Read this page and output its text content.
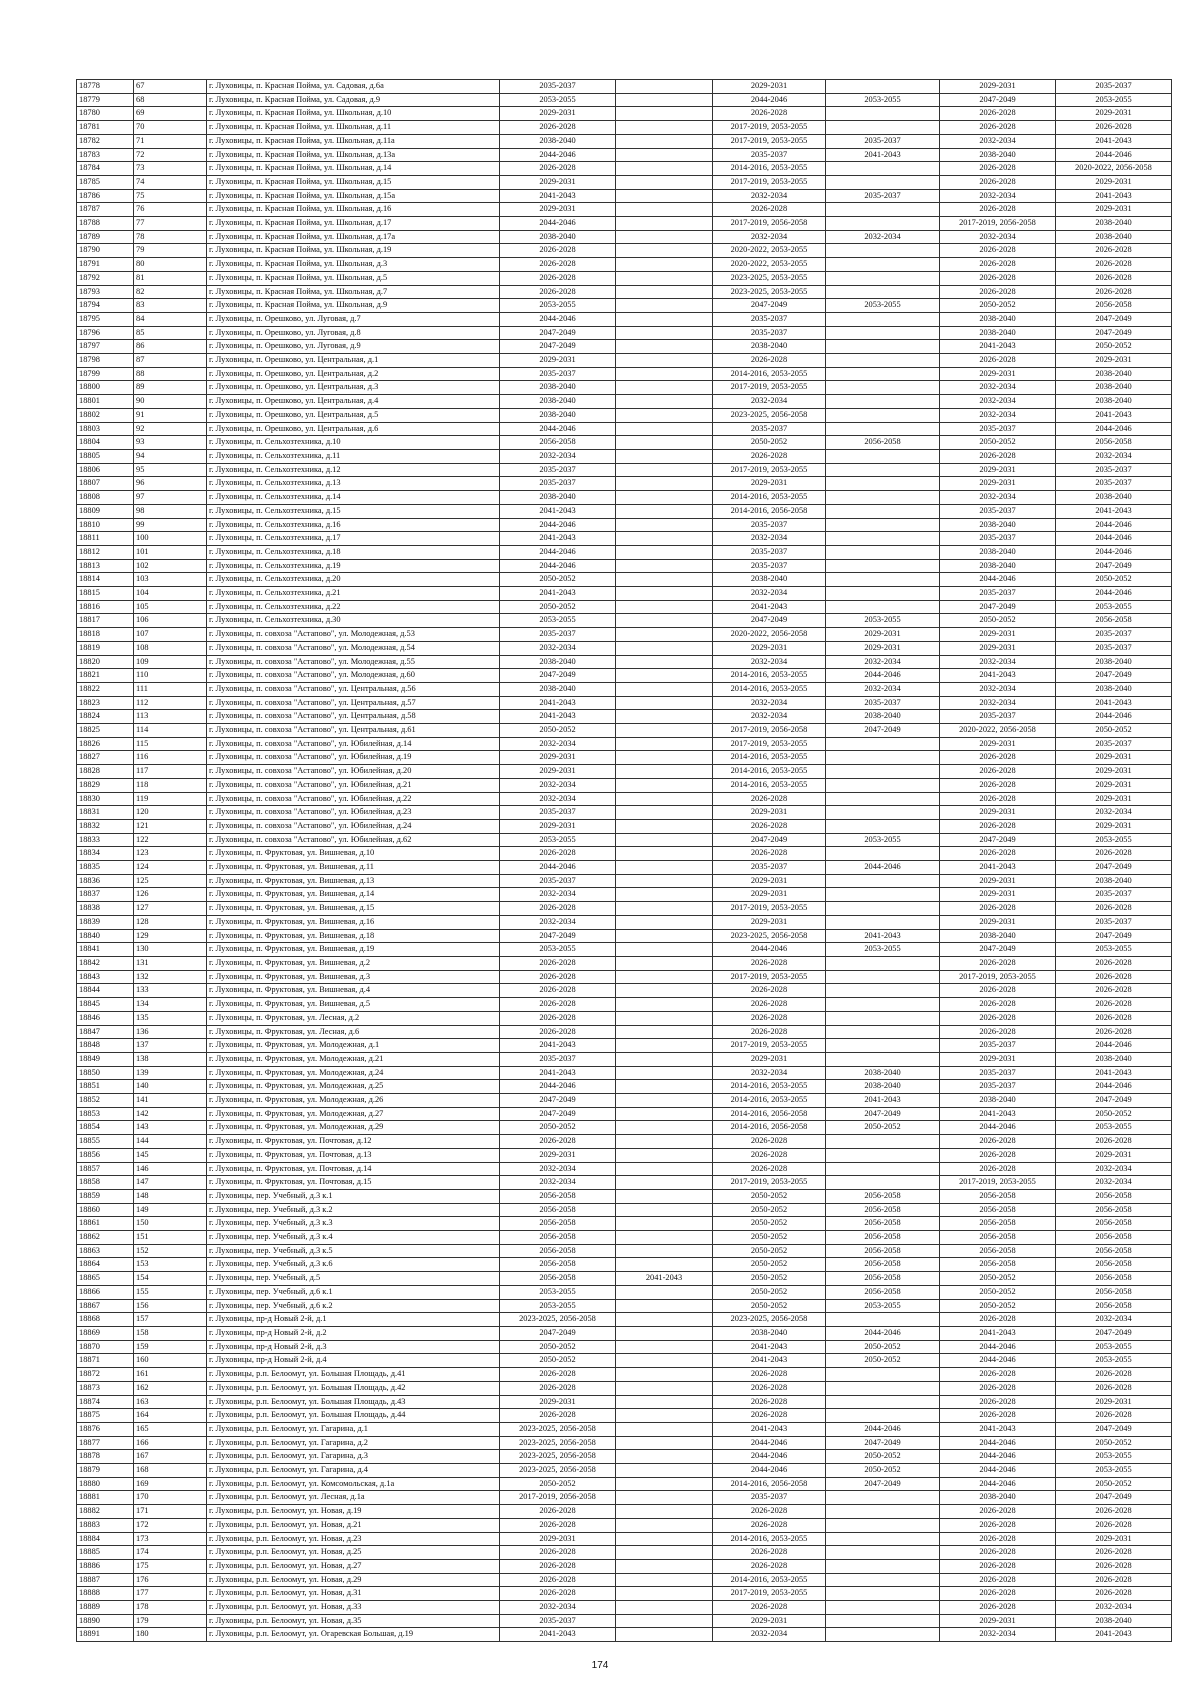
18778	67	г. Луховицы, п. Красная Пойма, ул. Садовая, д.6а	2035-2037		2029-2031		2029-2031	2035-2037
18779	68	г. Луховицы, п. Красная Пойма, ул. Садовая, д.9	2053-2055		2044-2046	2053-2055	2047-2049	2053-2055
18780	69	г. Луховицы, п. Красная Пойма, ул. Школьная, д.10	2029-2031		2026-2028		2026-2028	2029-2031
18781	70	г. Луховицы, п. Красная Пойма, ул. Школьная, д.11	2026-2028		2017-2019, 2053-2055		2026-2028	2026-2028
18782	71	г. Луховицы, п. Красная Пойма, ул. Школьная, д.11а	2038-2040		2017-2019, 2053-2055	2035-2037	2032-2034	2041-2043
18783	72	г. Луховицы, п. Красная Пойма, ул. Школьная, д.13а	2044-2046		2035-2037	2041-2043	2038-2040	2044-2046
18784	73	г. Луховицы, п. Красная Пойма, ул. Школьная, д.14	2026-2028		2014-2016, 2053-2055		2026-2028	2020-2022, 2056-2058
18785	74	г. Луховицы, п. Красная Пойма, ул. Школьная, д.15	2029-2031		2017-2019, 2053-2055		2026-2028	2029-2031
18786	75	г. Луховицы, п. Красная Пойма, ул. Школьная, д.15а	2041-2043		2032-2034	2035-2037	2032-2034	2041-2043
18787	76	г. Луховицы, п. Красная Пойма, ул. Школьная, д.16	2029-2031		2026-2028		2026-2028	2029-2031
18788	77	г. Луховицы, п. Красная Пойма, ул. Школьная, д.17	2044-2046		2017-2019, 2056-2058		2017-2019, 2056-2058	2038-2040
18789	78	г. Луховицы, п. Красная Пойма, ул. Школьная, д.17а	2038-2040		2032-2034	2032-2034	2032-2034	2038-2040
18790	79	г. Луховицы, п. Красная Пойма, ул. Школьная, д.19	2026-2028		2020-2022, 2053-2055		2026-2028	2026-2028
18791	80	г. Луховицы, п. Красная Пойма, ул. Школьная, д.3	2026-2028		2020-2022, 2053-2055		2026-2028	2026-2028
18792	81	г. Луховицы, п. Красная Пойма, ул. Школьная, д.5	2026-2028		2023-2025, 2053-2055		2026-2028	2026-2028
18793	82	г. Луховицы, п. Красная Пойма, ул. Школьная, д.7	2026-2028		2023-2025, 2053-2055		2026-2028	2026-2028
18794	83	г. Луховицы, п. Красная Пойма, ул. Школьная, д.9	2053-2055		2047-2049	2053-2055	2050-2052	2056-2058
18795	84	г. Луховицы, п. Орешково, ул. Луговая, д.7	2044-2046		2035-2037		2038-2040	2047-2049
18796	85	г. Луховицы, п. Орешково, ул. Луговая, д.8	2047-2049		2035-2037		2038-2040	2047-2049
18797	86	г. Луховицы, п. Орешково, ул. Луговая, д.9	2047-2049		2038-2040		2041-2043	2050-2052
18798	87	г. Луховицы, п. Орешково, ул. Центральная, д.1	2029-2031		2026-2028		2026-2028	2029-2031
18799	88	г. Луховицы, п. Орешково, ул. Центральная, д.2	2035-2037		2014-2016, 2053-2055		2029-2031	2038-2040
18800	89	г. Луховицы, п. Орешково, ул. Центральная, д.3	2038-2040		2017-2019, 2053-2055		2032-2034	2038-2040
18801	90	г. Луховицы, п. Орешково, ул. Центральная, д.4	2038-2040		2032-2034		2032-2034	2038-2040
18802	91	г. Луховицы, п. Орешково, ул. Центральная, д.5	2038-2040		2023-2025, 2056-2058		2032-2034	2041-2043
18803	92	г. Луховицы, п. Орешково, ул. Центральная, д.6	2044-2046		2035-2037		2035-2037	2044-2046
18804	93	г. Луховицы, п. Сельхозтехника, д.10	2056-2058		2050-2052	2056-2058	2050-2052	2056-2058
18805	94	г. Луховицы, п. Сельхозтехника, д.11	2032-2034		2026-2028		2026-2028	2032-2034
18806	95	г. Луховицы, п. Сельхозтехника, д.12	2035-2037		2017-2019, 2053-2055		2029-2031	2035-2037
18807	96	г. Луховицы, п. Сельхозтехника, д.13	2035-2037		2029-2031		2029-2031	2035-2037
18808	97	г. Луховицы, п. Сельхозтехника, д.14	2038-2040		2014-2016, 2053-2055		2032-2034	2038-2040
18809	98	г. Луховицы, п. Сельхозтехника, д.15	2041-2043		2014-2016, 2056-2058		2035-2037	2041-2043
18810	99	г. Луховицы, п. Сельхозтехника, д.16	2044-2046		2035-2037		2038-2040	2044-2046
18811	100	г. Луховицы, п. Сельхозтехника, д.17	2041-2043		2032-2034		2035-2037	2044-2046
18812	101	г. Луховицы, п. Сельхозтехника, д.18	2044-2046		2035-2037		2038-2040	2044-2046
18813	102	г. Луховицы, п. Сельхозтехника, д.19	2044-2046		2035-2037		2038-2040	2047-2049
18814	103	г. Луховицы, п. Сельхозтехника, д.20	2050-2052		2038-2040		2044-2046	2050-2052
18815	104	г. Луховицы, п. Сельхозтехника, д.21	2041-2043		2032-2034		2035-2037	2044-2046
18816	105	г. Луховицы, п. Сельхозтехника, д.22	2050-2052		2041-2043		2047-2049	2053-2055
18817	106	г. Луховицы, п. Сельхозтехника, д.30	2053-2055		2047-2049	2053-2055	2050-2052	2056-2058
18818	107	г. Луховицы, п. совхоза "Астапово", ул. Молодежная, д.53	2035-2037		2020-2022, 2056-2058	2029-2031	2029-2031	2035-2037
18819	108	г. Луховицы, п. совхоза "Астапово", ул. Молодежная, д.54	2032-2034		2029-2031	2029-2031	2029-2031	2035-2037
18820	109	г. Луховицы, п. совхоза "Астапово", ул. Молодежная, д.55	2038-2040		2032-2034	2032-2034	2032-2034	2038-2040
18821	110	г. Луховицы, п. совхоза "Астапово", ул. Молодежная, д.60	2047-2049		2014-2016, 2053-2055	2044-2046	2041-2043	2047-2049
18822	111	г. Луховицы, п. совхоза "Астапово", ул. Центральная, д.56	2038-2040		2014-2016, 2053-2055	2032-2034	2032-2034	2038-2040
18823	112	г. Луховицы, п. совхоза "Астапово", ул. Центральная, д.57	2041-2043		2032-2034	2035-2037	2032-2034	2041-2043
18824	113	г. Луховицы, п. совхоза "Астапово", ул. Центральная, д.58	2041-2043		2032-2034	2038-2040	2035-2037	2044-2046
18825	114	г. Луховицы, п. совхоза "Астапово", ул. Центральная, д.61	2050-2052		2017-2019, 2056-2058	2047-2049	2020-2022, 2056-2058	2050-2052
18826	115	г. Луховицы, п. совхоза "Астапово", ул. Юбилейная, д.14	2032-2034		2017-2019, 2053-2055		2029-2031	2035-2037
18827	116	г. Луховицы, п. совхоза "Астапово", ул. Юбилейная, д.19	2029-2031		2014-2016, 2053-2055		2026-2028	2029-2031
18828	117	г. Луховицы, п. совхоза "Астапово", ул. Юбилейная, д.20	2029-2031		2014-2016, 2053-2055		2026-2028	2029-2031
18829	118	г. Луховицы, п. совхоза "Астапово", ул. Юбилейная, д.21	2032-2034		2014-2016, 2053-2055		2026-2028	2029-2031
18830	119	г. Луховицы, п. совхоза "Астапово", ул. Юбилейная, д.22	2032-2034		2026-2028		2026-2028	2029-2031
18831	120	г. Луховицы, п. совхоза "Астапово", ул. Юбилейная, д.23	2035-2037		2029-2031		2029-2031	2032-2034
18832	121	г. Луховицы, п. совхоза "Астапово", ул. Юбилейная, д.24	2029-2031		2026-2028		2026-2028	2029-2031
18833	122	г. Луховицы, п. совхоза "Астапово", ул. Юбилейная, д.62	2053-2055		2047-2049	2053-2055	2047-2049	2053-2055
18834	123	г. Луховицы, п. Фруктовая, ул. Вишневая, д.10	2026-2028		2026-2028		2026-2028	2026-2028
18835	124	г. Луховицы, п. Фруктовая, ул. Вишневая, д.11	2044-2046		2035-2037	2044-2046	2041-2043	2047-2049
18836	125	г. Луховицы, п. Фруктовая, ул. Вишневая, д.13	2035-2037		2029-2031		2029-2031	2038-2040
18837	126	г. Луховицы, п. Фруктовая, ул. Вишневая, д.14	2032-2034		2029-2031		2029-2031	2035-2037
18838	127	г. Луховицы, п. Фруктовая, ул. Вишневая, д.15	2026-2028		2017-2019, 2053-2055		2026-2028	2026-2028
18839	128	г. Луховицы, п. Фруктовая, ул. Вишневая, д.16	2032-2034		2029-2031		2029-2031	2035-2037
18840	129	г. Луховицы, п. Фруктовая, ул. Вишневая, д.18	2047-2049		2023-2025, 2056-2058	2041-2043	2038-2040	2047-2049
18841	130	г. Луховицы, п. Фруктовая, ул. Вишневая, д.19	2053-2055		2044-2046	2053-2055	2047-2049	2053-2055
18842	131	г. Луховицы, п. Фруктовая, ул. Вишневая, д.2	2026-2028		2026-2028		2026-2028	2026-2028
18843	132	г. Луховицы, п. Фруктовая, ул. Вишневая, д.3	2026-2028		2017-2019, 2053-2055		2017-2019, 2053-2055	2026-2028
18844	133	г. Луховицы, п. Фруктовая, ул. Вишневая, д.4	2026-2028		2026-2028		2026-2028	2026-2028
18845	134	г. Луховицы, п. Фруктовая, ул. Вишневая, д.5	2026-2028		2026-2028		2026-2028	2026-2028
18846	135	г. Луховицы, п. Фруктовая, ул. Лесная, д.2	2026-2028		2026-2028		2026-2028	2026-2028
18847	136	г. Луховицы, п. Фруктовая, ул. Лесная, д.6	2026-2028		2026-2028		2026-2028	2026-2028
18848	137	г. Луховицы, п. Фруктовая, ул. Молодежная, д.1	2041-2043		2017-2019, 2053-2055		2035-2037	2044-2046
18849	138	г. Луховицы, п. Фруктовая, ул. Молодежная, д.21	2035-2037		2029-2031		2029-2031	2038-2040
18850	139	г. Луховицы, п. Фруктовая, ул. Молодежная, д.24	2041-2043		2032-2034	2038-2040	2035-2037	2041-2043
18851	140	г. Луховицы, п. Фруктовая, ул. Молодежная, д.25	2044-2046		2014-2016, 2053-2055	2038-2040	2035-2037	2044-2046
18852	141	г. Луховицы, п. Фруктовая, ул. Молодежная, д.26	2047-2049		2014-2016, 2053-2055	2041-2043	2038-2040	2047-2049
18853	142	г. Луховицы, п. Фруктовая, ул. Молодежная, д.27	2047-2049		2014-2016, 2056-2058	2047-2049	2041-2043	2050-2052
18854	143	г. Луховицы, п. Фруктовая, ул. Молодежная, д.29	2050-2052		2014-2016, 2056-2058	2050-2052	2044-2046	2053-2055
18855	144	г. Луховицы, п. Фруктовая, ул. Почтовая, д.12	2026-2028		2026-2028		2026-2028	2026-2028
18856	145	г. Луховицы, п. Фруктовая, ул. Почтовая, д.13	2029-2031		2026-2028		2026-2028	2029-2031
18857	146	г. Луховицы, п. Фруктовая, ул. Почтовая, д.14	2032-2034		2026-2028		2026-2028	2032-2034
18858	147	г. Луховицы, п. Фруктовая, ул. Почтовая, д.15	2032-2034		2017-2019, 2053-2055		2017-2019, 2053-2055	2032-2034
18859	148	г. Луховицы, пер. Учебный, д.3 к.1	2056-2058		2050-2052	2056-2058	2056-2058	2056-2058
18860	149	г. Луховицы, пер. Учебный, д.3 к.2	2056-2058		2050-2052	2056-2058	2056-2058	2056-2058
18861	150	г. Луховицы, пер. Учебный, д.3 к.3	2056-2058		2050-2052	2056-2058	2056-2058	2056-2058
18862	151	г. Луховицы, пер. Учебный, д.3 к.4	2056-2058		2050-2052	2056-2058	2056-2058	2056-2058
18863	152	г. Луховицы, пер. Учебный, д.3 к.5	2056-2058		2050-2052	2056-2058	2056-2058	2056-2058
18864	153	г. Луховицы, пер. Учебный, д.3 к.6	2056-2058		2050-2052	2056-2058	2056-2058	2056-2058
18865	154	г. Луховицы, пер. Учебный, д.5	2056-2058	2041-2043	2050-2052	2056-2058	2050-2052	2056-2058
18866	155	г. Луховицы, пер. Учебный, д.6 к.1	2053-2055		2050-2052	2056-2058	2050-2052	2056-2058
18867	156	г. Луховицы, пер. Учебный, д.6 к.2	2053-2055		2050-2052	2053-2055	2050-2052	2056-2058
18868	157	г. Луховицы, пр-д Новый 2-й, д.1	2023-2025, 2056-2058		2023-2025, 2056-2058		2026-2028	2032-2034
18869	158	г. Луховицы, пр-д Новый 2-й, д.2	2047-2049		2038-2040	2044-2046	2041-2043	2047-2049
18870	159	г. Луховицы, пр-д Новый 2-й, д.3	2050-2052		2041-2043	2050-2052	2044-2046	2053-2055
18871	160	г. Луховицы, пр-д Новый 2-й, д.4	2050-2052		2041-2043	2050-2052	2044-2046	2053-2055
18872	161	г. Луховицы, р.п. Белоомут, ул. Большая Площадь, д.41	2026-2028		2026-2028		2026-2028	2026-2028
18873	162	г. Луховицы, р.п. Белоомут, ул. Большая Площадь, д.42	2026-2028		2026-2028		2026-2028	2026-2028
18874	163	г. Луховицы, р.п. Белоомут, ул. Большая Площадь, д.43	2029-2031		2026-2028		2026-2028	2029-2031
18875	164	г. Луховицы, р.п. Белоомут, ул. Большая Площадь, д.44	2026-2028		2026-2028		2026-2028	2026-2028
18876	165	г. Луховицы, р.п. Белоомут, ул. Гагарина, д.1	2023-2025, 2056-2058		2041-2043	2044-2046	2041-2043	2047-2049
18877	166	г. Луховицы, р.п. Белоомут, ул. Гагарина, д.2	2023-2025, 2056-2058		2044-2046	2047-2049	2044-2046	2050-2052
18878	167	г. Луховицы, р.п. Белоомут, ул. Гагарина, д.3	2023-2025, 2056-2058		2044-2046	2050-2052	2044-2046	2053-2055
18879	168	г. Луховицы, р.п. Белоомут, ул. Гагарина, д.4	2023-2025, 2056-2058		2044-2046	2050-2052	2044-2046	2053-2055
18880	169	г. Луховицы, р.п. Белоомут, ул. Комсомольская, д.1а	2050-2052		2014-2016, 2056-2058	2047-2049	2044-2046	2050-2052
18881	170	г. Луховицы, р.п. Белоомут, ул. Лесная, д.1а	2017-2019, 2056-2058		2035-2037		2038-2040	2047-2049
18882	171	г. Луховицы, р.п. Белоомут, ул. Новая, д.19	2026-2028		2026-2028		2026-2028	2026-2028
18883	172	г. Луховицы, р.п. Белоомут, ул. Новая, д.21	2026-2028		2026-2028		2026-2028	2026-2028
18884	173	г. Луховицы, р.п. Белоомут, ул. Новая, д.23	2029-2031		2014-2016, 2053-2055		2026-2028	2029-2031
18885	174	г. Луховицы, р.п. Белоомут, ул. Новая, д.25	2026-2028		2026-2028		2026-2028	2026-2028
18886	175	г. Луховицы, р.п. Белоомут, ул. Новая, д.27	2026-2028		2026-2028		2026-2028	2026-2028
18887	176	г. Луховицы, р.п. Белоомут, ул. Новая, д.29	2026-2028		2014-2016, 2053-2055		2026-2028	2026-2028
18888	177	г. Луховицы, р.п. Белоомут, ул. Новая, д.31	2026-2028		2017-2019, 2053-2055		2026-2028	2026-2028
18889	178	г. Луховицы, р.п. Белоомут, ул. Новая, д.33	2032-2034		2026-2028		2026-2028	2032-2034
18890	179	г. Луховицы, р.п. Белоомут, ул. Новая, д.35	2035-2037		2029-2031		2029-2031	2038-2040
18891	180	г. Луховицы, р.п. Белоомут, ул. Огаревская Большая, д.19	2041-2043		2032-2034		2032-2034	2041-2043
174
